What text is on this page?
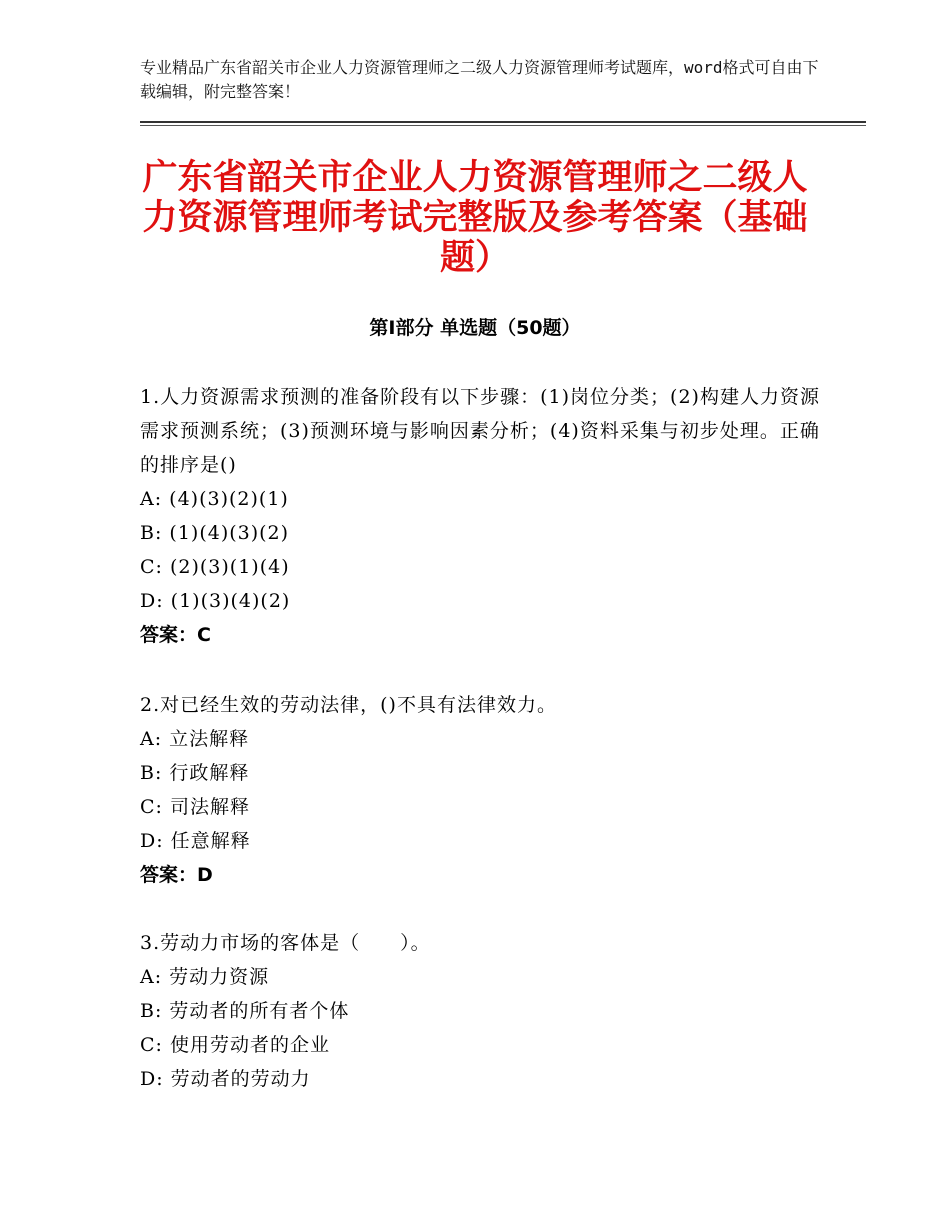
专业精品广东省韶关市企业人力资源管理师之二级人力资源管理师考试题库，word格式可自由下载编辑，附完整答案！
广东省韶关市企业人力资源管理师之二级人力资源管理师考试完整版及参考答案（基础题）
第Ⅰ部分 单选题（50题）

1.人力资源需求预测的准备阶段有以下步骤：(1)岗位分类；(2)构建人力资源需求预测系统；(3)预测环境与影响因素分析；(4)资料采集与初步处理。正确的排序是()

A: (4)(3)(2)(1)

B: (1)(4)(3)(2)

C: (2)(3)(1)(4)

D: (1)(3)(4)(2)

答案：C

2.对已经生效的劳动法律，()不具有法律效力。

A: 立法解释

B: 行政解释

C: 司法解释

D: 任意解释

答案：D

3.劳动力市场的客体是（　　）。

A: 劳动力资源

B: 劳动者的所有者个体

C: 使用劳动者的企业

D: 劳动者的劳动力
